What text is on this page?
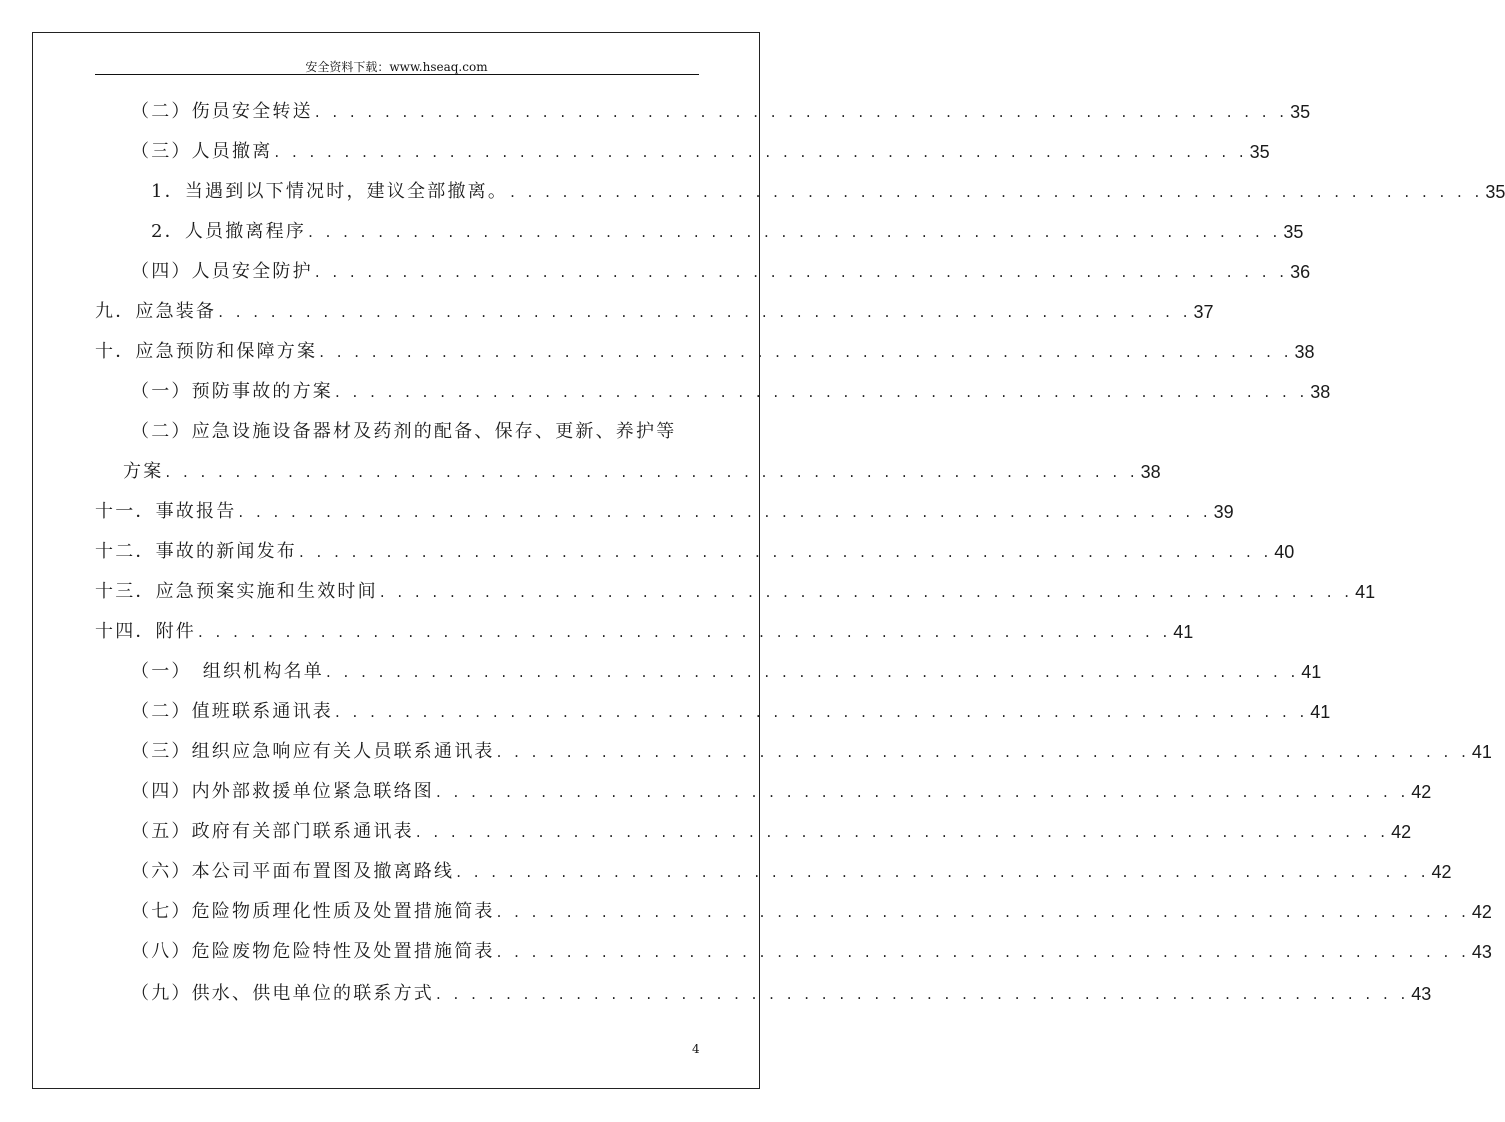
安全资料下载：www.hseaq.com
（二）伤员安全转送 . . . . . . . . . . . . . . . . . . . . . . . . . . . . . . . . . . . . . . . . . . . . . . . . . . . . . . . . 35
（三）人员撤离 . . . . . . . . . . . . . . . . . . . . . . . . . . . . . . . . . . . . . . . . . . . . . . . . . . . . . . . . 35
1．当遇到以下情况时，建议全部撤离。 . . . . . . . . . . . . . . . . . . . . . . . . . . . . . . . . . . . . . . . . . . . . . . . . . . . . . . . . 35
2．人员撤离程序 . . . . . . . . . . . . . . . . . . . . . . . . . . . . . . . . . . . . . . . . . . . . . . . . . . . . . . . . 35
（四）人员安全防护 . . . . . . . . . . . . . . . . . . . . . . . . . . . . . . . . . . . . . . . . . . . . . . . . . . . . . . . . 36
九．应急装备 . . . . . . . . . . . . . . . . . . . . . . . . . . . . . . . . . . . . . . . . . . . . . . . . . . . . . . . . 37
十．应急预防和保障方案 . . . . . . . . . . . . . . . . . . . . . . . . . . . . . . . . . . . . . . . . . . . . . . . . . . . . . . . . 38
（一）预防事故的方案 . . . . . . . . . . . . . . . . . . . . . . . . . . . . . . . . . . . . . . . . . . . . . . . . . . . . . . . . 38
（二）应急设施设备器材及药剂的配备、保存、更新、养护等
方案 . . . . . . . . . . . . . . . . . . . . . . . . . . . . . . . . . . . . . . . . . . . . . . . . . . . . . . . . 38
十一．事故报告 . . . . . . . . . . . . . . . . . . . . . . . . . . . . . . . . . . . . . . . . . . . . . . . . . . . . . . . . 39
十二．事故的新闻发布 . . . . . . . . . . . . . . . . . . . . . . . . . . . . . . . . . . . . . . . . . . . . . . . . . . . . . . . . 40
十三．应急预案实施和生效时间 . . . . . . . . . . . . . . . . . . . . . . . . . . . . . . . . . . . . . . . . . . . . . . . . . . . . . . . . 41
十四．附件 . . . . . . . . . . . . . . . . . . . . . . . . . . . . . . . . . . . . . . . . . . . . . . . . . . . . . . . . 41
（一）　组织机构名单 . . . . . . . . . . . . . . . . . . . . . . . . . . . . . . . . . . . . . . . . . . . . . . . . . . . . . . . . 41
（二）值班联系通讯表 . . . . . . . . . . . . . . . . . . . . . . . . . . . . . . . . . . . . . . . . . . . . . . . . . . . . . . . . 41
（三）组织应急响应有关人员联系通讯表 . . . . . . . . . . . . . . . . . . . . . . . . . . . . . . . . . . . . . . . . . . . . . . . . . . . . . . . . 41
（四）内外部救援单位紧急联络图 . . . . . . . . . . . . . . . . . . . . . . . . . . . . . . . . . . . . . . . . . . . . . . . . . . . . . . . . 42
（五）政府有关部门联系通讯表 . . . . . . . . . . . . . . . . . . . . . . . . . . . . . . . . . . . . . . . . . . . . . . . . . . . . . . . . 42
（六）本公司平面布置图及撤离路线 . . . . . . . . . . . . . . . . . . . . . . . . . . . . . . . . . . . . . . . . . . . . . . . . . . . . . . . . 42
（七）危险物质理化性质及处置措施简表 . . . . . . . . . . . . . . . . . . . . . . . . . . . . . . . . . . . . . . . . . . . . . . . . . . . . . . . . 42
（八）危险废物危险特性及处置措施简表 . . . . . . . . . . . . . . . . . . . . . . . . . . . . . . . . . . . . . . . . . . . . . . . . . . . . . . . . 43
（九）供水、供电单位的联系方式 . . . . . . . . . . . . . . . . . . . . . . . . . . . . . . . . . . . . . . . . . . . . . . . . . . . . . . . . 43
4
